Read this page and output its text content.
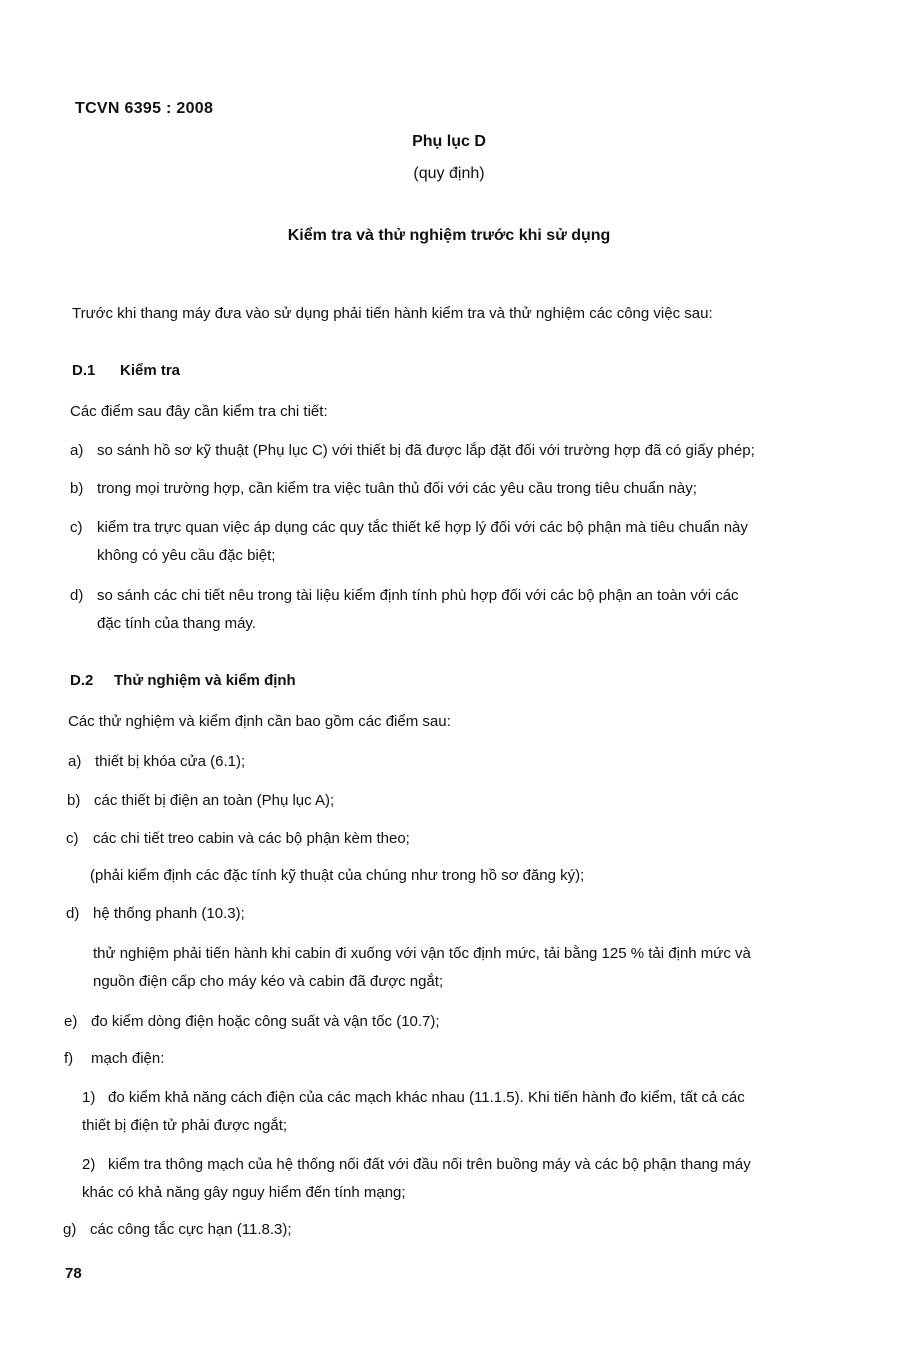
TCVN 6395 : 2008
Phụ lục D
(quy định)
Kiểm tra và thử nghiệm trước khi sử dụng
Trước khi thang máy đưa vào sử dụng phải tiến hành kiểm tra và thử nghiệm các công việc sau:
D.1 Kiểm tra
Các điểm sau đây cần kiểm tra chi tiết:
a) so sánh hồ sơ kỹ thuật (Phụ lục C) với thiết bị đã được lắp đặt đối với trường hợp đã có giấy phép;
b) trong mọi trường hợp, cần kiểm tra việc tuân thủ đối với các yêu cầu trong tiêu chuẩn này;
c) kiểm tra trực quan việc áp dụng các quy tắc thiết kế hợp lý đối với các bộ phận mà tiêu chuẩn này
không có yêu cầu đặc biệt;
d) so sánh các chi tiết nêu trong tài liệu kiểm định tính phù hợp đối với các bộ phận an toàn với các
đặc tính của thang máy.
D.2 Thử nghiệm và kiểm định
Các thử nghiệm và kiểm định cần bao gồm các điểm sau:
a) thiết bị khóa cửa (6.1);
b) các thiết bị điện an toàn (Phụ lục A);
c) các chi tiết treo cabin và các bộ phận kèm theo;
(phải kiểm định các đặc tính kỹ thuật của chúng như trong hồ sơ đăng ký);
d) hệ thống phanh (10.3);
thử nghiệm phải tiến hành khi cabin đi xuống với vận tốc định mức, tải bằng 125 % tải định mức và
nguồn điện cấp cho máy kéo và cabin đã được ngắt;
e) đo kiểm dòng điện hoặc công suất và vận tốc (10.7);
f) mạch điện:
1) đo kiểm khả năng cách điện của các mạch khác nhau (11.1.5). Khi tiến hành đo kiểm, tất cả các
thiết bị điện tử phải được ngắt;
2) kiểm tra thông mạch của hệ thống nối đất với đầu nối trên buồng máy và các bộ phận thang máy
khác có khả năng gây nguy hiểm đến tính mạng;
g) các công tắc cực hạn (11.8.3);
78
